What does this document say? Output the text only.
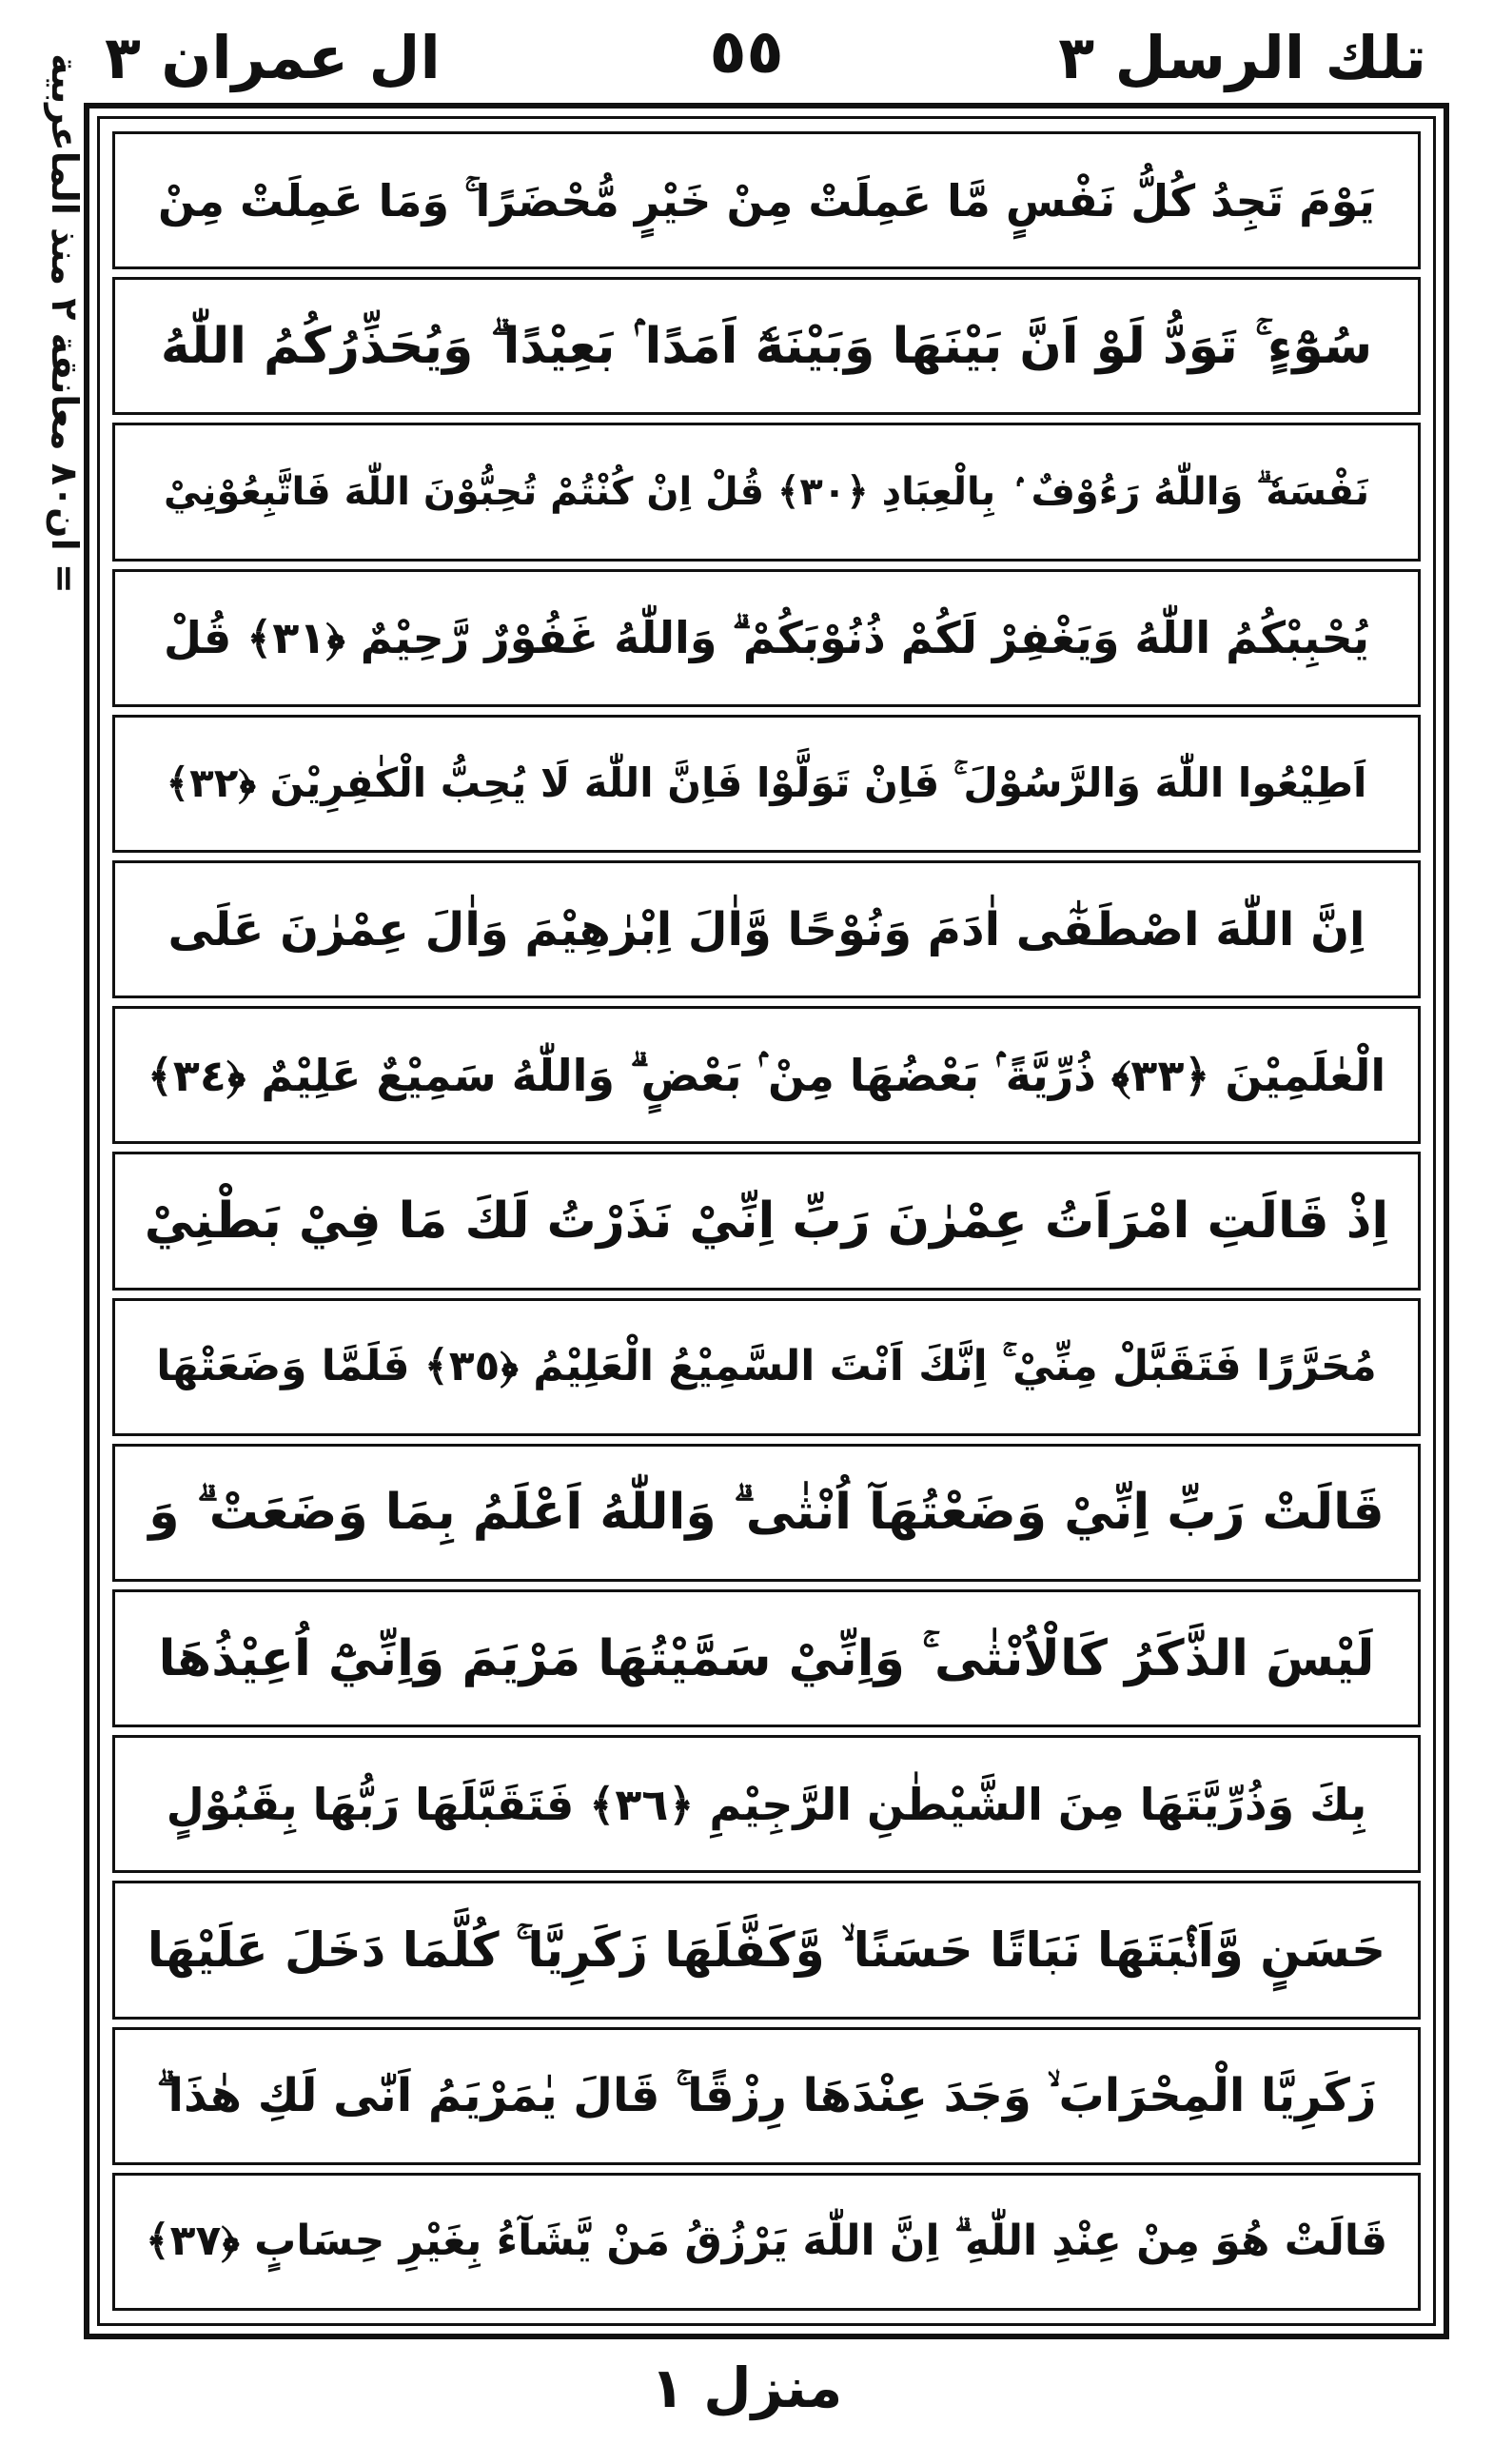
ال عمران ٣	٥٥	تلك الرسل ٣
= ان٨٠ معانقة ٢ منذ الماعربية
يَوْمَ تَجِدُ كُلُّ نَفْسٍ مَّا عَمِلَتْ مِنْ خَيْرٍ مُّحْضَرًا ۚ وَمَا عَمِلَتْ مِنْ
سُوْٓءٍ ۚ تَوَدُّ لَوْ اَنَّ بَيْنَهَا وَبَيْنَهٗٓ اَمَدًا ۢ بَعِيْدًا ۗ وَيُحَذِّرُكُمُ اللّٰهُ
نَفْسَهٗ ۗ وَاللّٰهُ رَءُوْفٌ ۢ بِالْعِبَادِ ﴿٣٠﴾ قُلْ اِنْ كُنْتُمْ تُحِبُّوْنَ اللّٰهَ فَاتَّبِعُوْنِيْ
يُحْبِبْكُمُ اللّٰهُ وَيَغْفِرْ لَكُمْ ذُنُوْبَكُمْ ۗ وَاللّٰهُ غَفُوْرٌ رَّحِيْمٌ ﴿٣١﴾ قُلْ
اَطِيْعُوا اللّٰهَ وَالرَّسُوْلَ ۚ فَاِنْ تَوَلَّوْا فَاِنَّ اللّٰهَ لَا يُحِبُّ الْكٰفِرِيْنَ ﴿٣٢﴾
اِنَّ اللّٰهَ اصْطَفٰٓى اٰدَمَ وَنُوْحًا وَّاٰلَ اِبْرٰهِيْمَ وَاٰلَ عِمْرٰنَ عَلَى
الْعٰلَمِيْنَ ﴿٣٣﴾ ذُرِّيَّةً ۢ بَعْضُهَا مِنْ ۢ بَعْضٍ ۗ وَاللّٰهُ سَمِيْعٌ عَلِيْمٌ ﴿٣٤﴾
اِذْ قَالَتِ امْرَاَتُ عِمْرٰنَ رَبِّ اِنِّيْ نَذَرْتُ لَكَ مَا فِيْ بَطْنِيْ
مُحَرَّرًا فَتَقَبَّلْ مِنِّيْ ۚ اِنَّكَ اَنْتَ السَّمِيْعُ الْعَلِيْمُ ﴿٣٥﴾ فَلَمَّا وَضَعَتْهَا
قَالَتْ رَبِّ اِنِّيْ وَضَعْتُهَآ اُنْثٰى ۗ وَاللّٰهُ اَعْلَمُ بِمَا وَضَعَتْ ۗ وَ
لَيْسَ الذَّكَرُ كَالْاُنْثٰى ۚ وَاِنِّيْ سَمَّيْتُهَا مَرْيَمَ وَاِنِّيْٓ اُعِيْذُهَا
بِكَ وَذُرِّيَّتَهَا مِنَ الشَّيْطٰنِ الرَّجِيْمِ ﴿٣٦﴾ فَتَقَبَّلَهَا رَبُّهَا بِقَبُوْلٍ
حَسَنٍ وَّاَنْۢبَتَهَا نَبَاتًا حَسَنًا ۙ وَّكَفَّلَهَا زَكَرِيَّا ۚ كُلَّمَا دَخَلَ عَلَيْهَا
زَكَرِيَّا الْمِحْرَابَ ۙ وَجَدَ عِنْدَهَا رِزْقًا ۚ قَالَ يٰمَرْيَمُ اَنّٰى لَكِ هٰذَا ۗ
قَالَتْ هُوَ مِنْ عِنْدِ اللّٰهِ ۗ اِنَّ اللّٰهَ يَرْزُقُ مَنْ يَّشَآءُ بِغَيْرِ حِسَابٍ ﴿٣٧﴾
منزل ١
